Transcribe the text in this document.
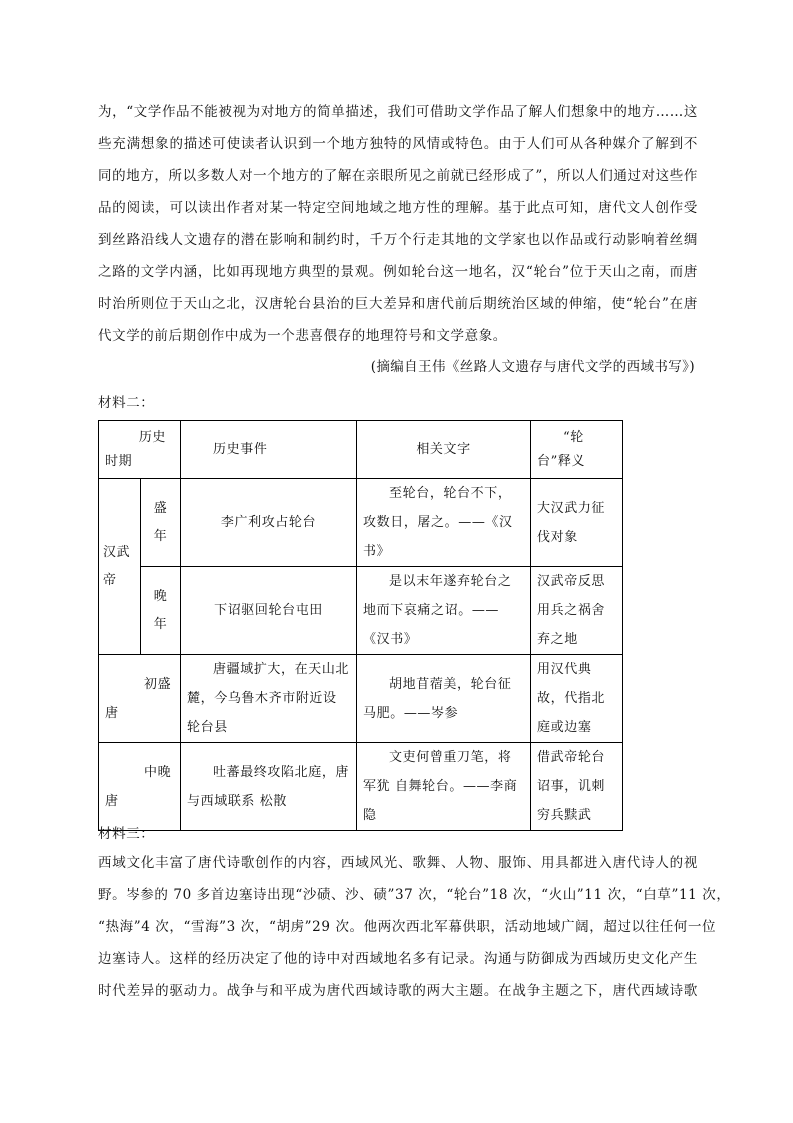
为，“文学作品不能被视为对地方的简单描述，我们可借助文学作品了解人们想象中的地方……这
些充满想象的描述可使读者认识到一个地方独特的风情或特色。由于人们可从各种媒介了解到不
同的地方，所以多数人对一个地方的了解在亲眼所见之前就已经形成了”，所以人们通过对这些作
品的阅读，可以读出作者对某一特定空间地域之地方性的理解。基于此点可知，唐代文人创作受
到丝路沿线人文遗存的潜在影响和制约时，千万个行走其地的文学家也以作品或行动影响着丝绸
之路的文学内涵，比如再现地方典型的景观。例如轮台这一地名，汉“轮台”位于天山之南，而唐
时治所则位于天山之北，汉唐轮台县治的巨大差异和唐代前后期统治区域的伸缩，使“轮台”在唐
代文学的前后期创作中成为一个悲喜偎存的地理符号和文学意象。
(摘编自王伟《丝路人文遗存与唐代文学的西域书写》)
材料二：
历史
时期		历史事件	相关文字	“轮台”释义
汉武帝	盛年	李广利攻占轮台	至轮台，轮台不下，攻数日，屠之。——《汉书》	大汉武力征伐对象
	晚年	下诏驱回轮台屯田	是以末年遂弃轮台之地而下哀痛之诏。——《汉书》	汉武帝反思用兵之祸舍弃之地
初盛唐		唐疆域扩大，在天山北麓，今乌鲁木齐市附近设轮台县	胡地苜蓿美，轮台征马肥。——岑参	用汉代典故，代指北庭或边塞
中晚唐		吐蕃最终攻陷北庭，唐与西域联系 松散	文吏何曾重刀笔，将军犹 自舞轮台。——李商隐	借武帝轮台诏事，讥刺穷兵黩武
材料三：
西域文化丰富了唐代诗歌创作的内容，西域风光、歌舞、人物、服饰、用具都进入唐代诗人的视
野。岑参的 70 多首边塞诗出现“沙碛、沙、碛”37 次，“轮台”18 次，“火山”11 次，“白草”11 次，
“热海”4 次，“雪海”3 次，“胡虏”29 次。他两次西北军幕供职，活动地域广阔，超过以往任何一位
边塞诗人。这样的经历决定了他的诗中对西域地名多有记录。沟通与防御成为西域历史文化产生
时代差异的驱动力。战争与和平成为唐代西域诗歌的两大主题。在战争主题之下，唐代西域诗歌
